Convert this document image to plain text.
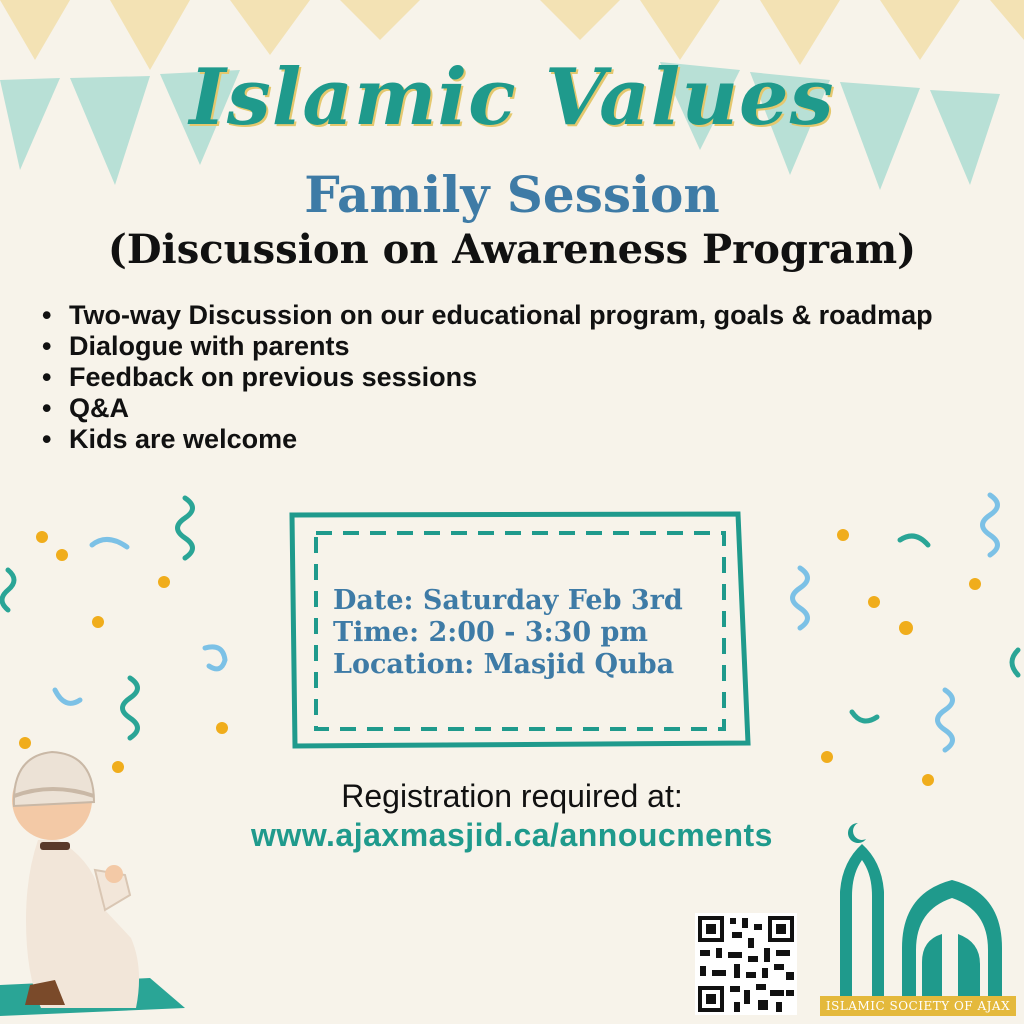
Islamic Values
Family Session
(Discussion on Awareness Program)
• Two-way Discussion on our educational program, goals & roadmap
• Dialogue with parents
• Feedback on previous sessions
• Q&A
• Kids are welcome
Date: Saturday Feb 3rd
Time: 2:00 - 3:30 pm
Location: Masjid Quba
Registration required at:
www.ajaxmasjid.ca/annoucments
ISLAMIC SOCIETY OF AJAX
